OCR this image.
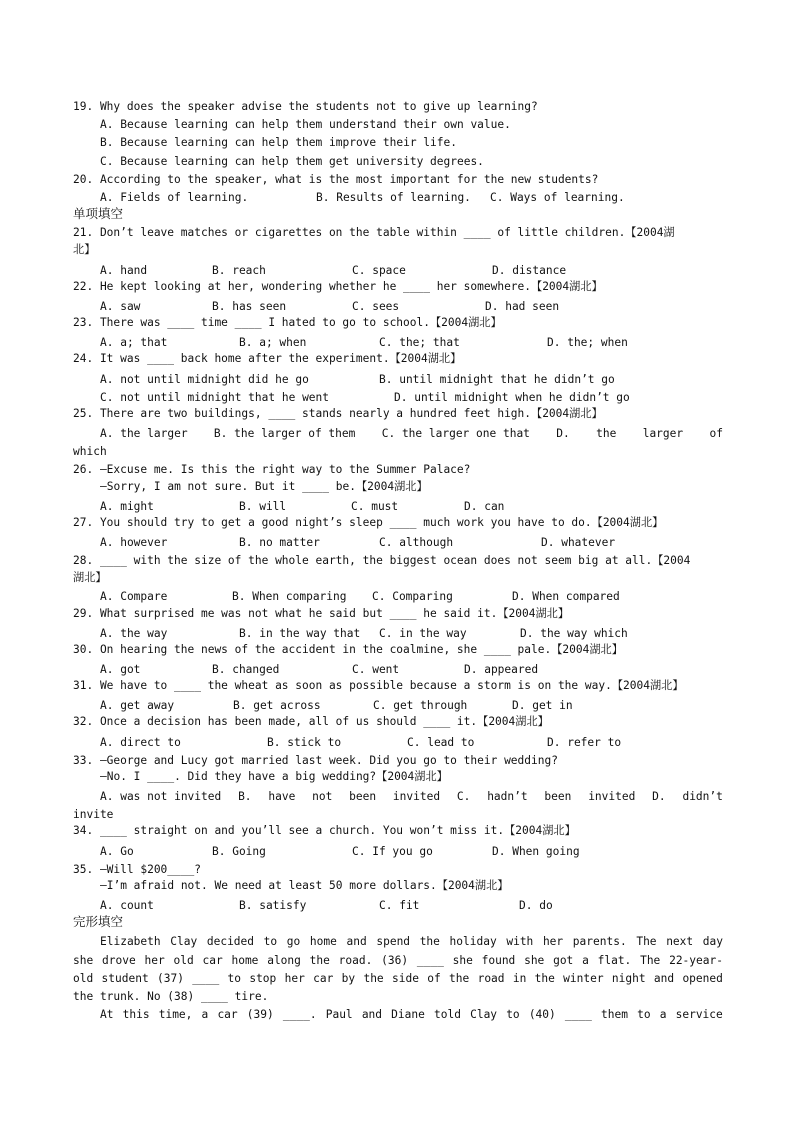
19. Why does the speaker advise the students not to give up learning?
A. Because learning can help them understand their own value.
B. Because learning can help them improve their life.
C. Because learning can help them get university degrees.
20. According to the speaker, what is the most important for the new students?
A. Fields of learning.	B. Results of learning.	C. Ways of learning.
单项填空
21. Don’t leave matches or cigarettes on the table within ____ of little children.【2004湖
北】
A. hand	B. reach	C. space	D. distance
22. He kept looking at her, wondering whether he ____ her somewhere.【2004湖北】
A. saw	B. has seen	C. sees	D. had seen
23. There was ____ time ____ I hated to go to school.【2004湖北】
A. a; that	B. a; when	C. the; that	D. the; when
24. It was ____ back home after the experiment.【2004湖北】
A. not until midnight did he go	B. until midnight that he didn’t go
C. not until midnight that he went	D. until midnight when he didn’t go
25. There are two buildings, ____ stands nearly a hundred feet high.【2004湖北】
A. the larger B. the larger of them C. the larger one that D. the larger of
which
26. —Excuse me. Is this the right way to the Summer Palace?
—Sorry, I am not sure. But it ____ be.【2004湖北】
A. might	B. will	C. must	D. can
27. You should try to get a good night’s sleep ____ much work you have to do.【2004湖北】
A. however	B. no matter	C. although	D. whatever
28. ____ with the size of the whole earth, the biggest ocean does not seem big at all.【2004
湖北】
A. Compare	B. When comparing	C. Comparing	D. When compared
29. What surprised me was not what he said but ____ he said it.【2004湖北】
A. the way	B. in the way that	C. in the way	D. the way which
30. On hearing the news of the accident in the coalmine, she ____ pale.【2004湖北】
A. got	B. changed	C. went	D. appeared
31. We have to ____ the wheat as soon as possible because a storm is on the way.【2004湖北】
A. get away	B. get across	C. get through	D. get in
32. Once a decision has been made, all of us should ____ it.【2004湖北】
A. direct to	B. stick to	C. lead to	D. refer to
33. —George and Lucy got married last week. Did you go to their wedding?
—No. I ____. Did they have a big wedding?【2004湖北】
A. was not invited B. have not been invited C. hadn’t been invited D. didn’t
invite
34. ____ straight on and you’ll see a church. You won’t miss it.【2004湖北】
A. Go	B. Going	C. If you go	D. When going
35. —Will $200____?
—I’m afraid not. We need at least 50 more dollars.【2004湖北】
A. count	B. satisfy	C. fit	D. do
完形填空
Elizabeth Clay decided to go home and spend the holiday with her parents. The next day
she drove her old car home along the road. (36) ____ she found she got a flat. The 22-year-
old student (37) ____ to stop her car by the side of the road in the winter night and opened
the trunk. No (38) ____ tire.
At this time, a car (39) ____. Paul and Diane told Clay to (40) ____ them to a service
